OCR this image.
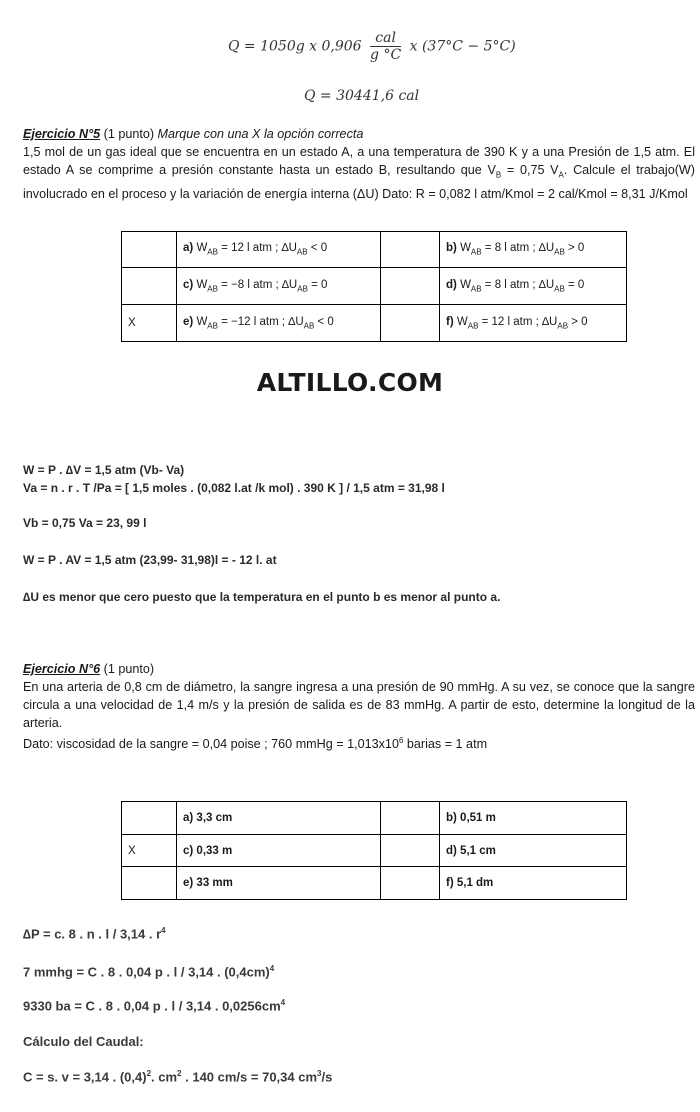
Q = 1050g x $0,906 \frac{\text{cal}}{g ^\circ C}$ x (37°C − 5°C)
Q = 30441,6 cal
Ejercicio N°5 (1 punto) Marque con una X la opción correcta
1,5 mol de un gas ideal que se encuentra en un estado A, a una temperatura de 390 K y a una Presión de 1,5 atm. El estado A se comprime a presión constante hasta un estado B, resultando que $V_B = 0,75$ $V_A$. Calcule el trabajo(W) involucrado en el proceso y la variación de energía interna (ΔU) Dato: R = 0,082 l atm/Kmol = 2 cal/Kmol = 8,31 J/Kmol
	a) $W_{AB} = 12$ l atm ; $\Delta U_{AB} < 0$		b) $W_{AB} = 8$ l atm ; $\Delta U_{AB} > 0$
	c) $W_{AB} = -8$ l atm ; $\Delta U_{AB} = 0$		d) $W_{AB} = 8$ l atm ; $\Delta U_{AB} = 0$
X	e) $W_{AB} = -12$ l atm ; $\Delta U_{AB} < 0$		f) $W_{AB} = 12$ l atm ; $\Delta U_{AB} > 0$
ALTILLO.COM
W = P . ∆V = 1,5 atm (Vb- Va)
Va = n . r . T /Pa = [ 1,5 moles . (0,082 l.at /k mol) . 390 K ] / 1,5 atm = 31,98 l
Vb = 0,75 Va = 23, 99 l
W = P . AV = 1,5 atm (23,99- 31,98)l = - 12 l. at
∆U es menor que cero puesto que la temperatura en el punto b es menor al punto a.
Ejercicio N°6 (1 punto)
En una arteria de 0,8 cm de diámetro, la sangre ingresa a una presión de 90 mmHg. A su vez, se conoce que la sangre circula a una velocidad de 1,4 m/s y la presión de salida es de 83 mmHg. A partir de esto, determine la longitud de la arteria.
Dato: viscosidad de la sangre = 0,04 poise ; 760 mmHg = $1,013x10^6$ barias = 1 atm
	a) 3,3 cm		b) 0,51 m
X	c) 0,33 m		d) 5,1 cm
	e) 33 mm		f) 5,1 dm
∆P = c. 8 . n . l / 3,14 . $r^4$
7 mmhg = C . 8 . 0,04 p . l / 3,14 . $(0,4cm)^4$
9330 ba = C . 8 . 0,04 p . l / 3,14 . $0,0256cm^4$
Cálculo del Caudal:
C = s. v = 3,14 . $(0,4)^2$. $cm^2$ . 140 cm/s = 70,34 $cm^3/s$
